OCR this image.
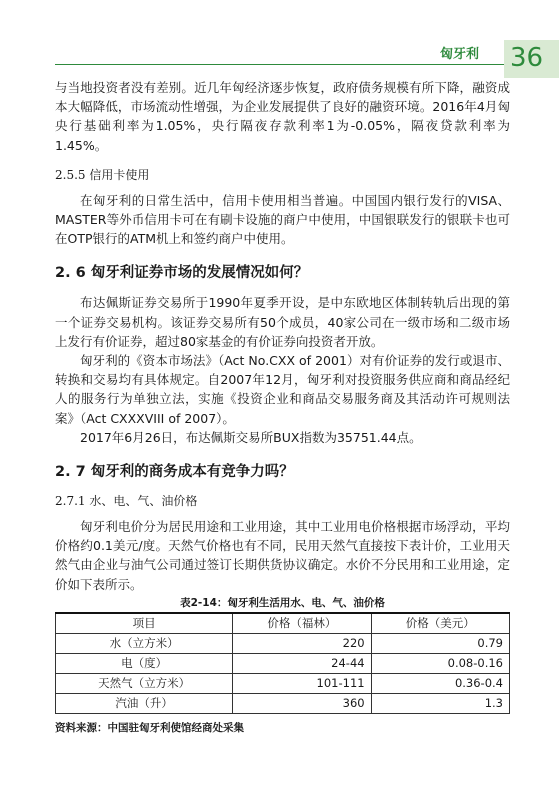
匈牙利 36

与当地投资者没有差别。近几年匈经济逐步恢复，政府债务规模有所下降，融资成本大幅降低，市场流动性增强，为企业发展提供了良好的融资环境。2016年4月匈央行基础利率为1.05%，央行隔夜存款利率1为-0.05%，隔夜贷款利率为1.45%。

2.5.5 信用卡使用

在匈牙利的日常生活中，信用卡使用相当普遍。中国国内银行发行的VISA、MASTER等外币信用卡可在有刷卡设施的商户中使用，中国银联发行的银联卡也可在OTP银行的ATM机上和签约商户中使用。

2. 6 匈牙利证券市场的发展情况如何？

布达佩斯证券交易所于1990年夏季开设，是中东欧地区体制转轨后出现的第一个证券交易机构。该证券交易所有50个成员，40家公司在一级市场和二级市场上发行有价证券，超过80家基金的有价证券向投资者开放。

匈牙利的《资本市场法》（Act No.CXX of 2001）对有价证券的发行或退市、转换和交易均有具体规定。自2007年12月，匈牙利对投资服务供应商和商品经纪人的服务行为单独立法，实施《投资企业和商品交易服务商及其活动许可规则法案》（Act CXXXVIII of 2007）。

2017年6月26日，布达佩斯交易所BUX指数为35751.44点。

2. 7 匈牙利的商务成本有竞争力吗？
2.7.1 水、电、气、油价格

匈牙利电价分为居民用途和工业用途，其中工业用电价格根据市场浮动，平均价格约0.1美元/度。天然气价格也有不同，民用天然气直接按下表计价，工业用天然气由企业与油气公司通过签订长期供货协议确定。水价不分民用和工业用途，定价如下表所示。

表2-14：匈牙利生活用水、电、气、油价格
项目	价格（福林）	价格（美元）
水（立方米）	220	0.79
电（度）	24-44	0.08-0.16
天然气（立方米）	101-111	0.36-0.4
汽油（升）	360	1.3
资料来源：中国驻匈牙利使馆经商处采集
